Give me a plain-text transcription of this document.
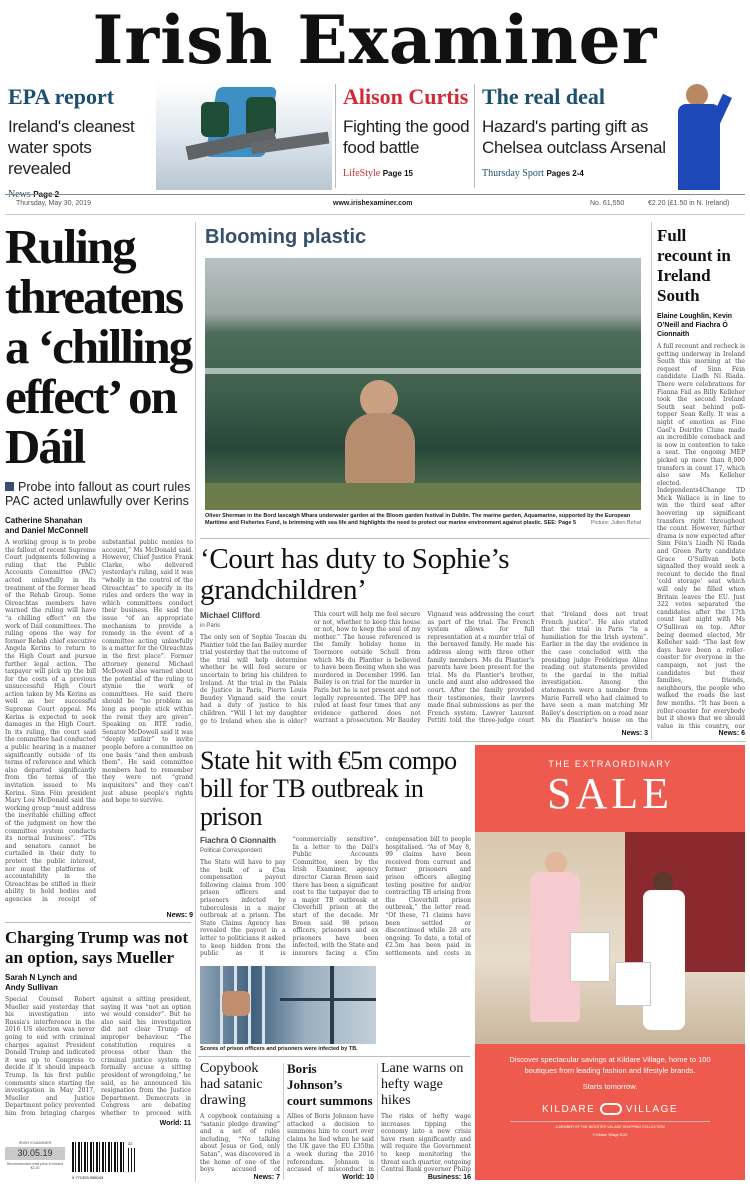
Irish Examiner
EPA report
Ireland's cleanest water spots revealed
Alison Curtis
Fighting the good food battle
LifeStyle Page 15
The real deal
Hazard's parting gift as Chelsea outclass Arsenal
Thursday Sport Pages 2-4
Thursday, May 30, 2019	www.irishexaminer.com	No. 61,550	€2.20 (£1.50 in N. Ireland)
Ruling threatens a ‘chilling effect’ on Dáil
Probe into fallout as court rules PAC acted unlawfully over Kerins
Catherine Shanahan and Daniel McConnell
A working group is to probe the fallout of recent Supreme Court judgments following a ruling that the Public Accounts Committee (PAC) acted unlawfully in its treatment of the former head of the Rehab Group. Some Oireachtas members have warned the ruling will have “a chilling effect” on the work of Dáil committees. The ruling opens the way for former Rehab chief executive Angela Kerins to return to the High Court and pursue further legal action. The taxpayer will pick up the bill for the costs of a previous unsuccessful High Court action taken by Ms Kerins as well as her successful Supreme Court appeal. Ms Kerins is expected to seek damages in the High Court. In its ruling, the court said the committee had conducted a public hearing in a manner significantly outside of its terms of reference and which also departed significantly from the terms of the invitation issued to Ms Kerins. Sinn Féin president Mary Lou McDonald said the working group “must address the inevitable chilling effect of the judgment on how the committee system conducts its normal business”. “TDs and senators cannot be curtailed in their duty to protect the public interest, nor must the platforms of accountability in the Oireachtas be stifled in their ability to hold bodies and agencies in receipt of substantial public monies to account,” Ms McDonald said. However, Chief Justice Frank Clarke, who delivered yesterday's ruling, said it was “wholly in the control of the Oireachtas” to specify in its rules and orders the way in which committees conduct their business. He said the issue “of an appropriate mechanism to provide a remedy in the event of a committee acting unlawfully is a matter for the Oireachtas in the first place”. Former attorney general Michael McDowell also warned about the potential of the ruling to stymie the work of committees. He said there should be “no problem as long as people stick within the remit they are given”. Speaking on RTÉ radio, Senator McDowell said it was “deeply unfair” to invite people before a committee on one basis “and then ambush them”. He said committee members had to remember they were not “grand inquisitors” and they can't just abuse people's rights and hope to survive.
News: 9
Blooming plastic
Oliver Sherman in the Bord Iascaigh Mhara underwater garden at the Bloom garden festival in Dublin. The marine garden, Aquamarine, supported by the European Maritime and Fisheries Fund, is brimming with sea life and highlights the need to protect our marine environment against plastic. SEE: Page 5	Picture: Julien Behal
‘Court has duty to Sophie’s grandchildren’
Michael Clifford
in Paris
The only son of Sophie Toscan du Plantier told the Ian Bailey murder trial yesterday that the outcome of the trial will help determine whether he will feel secure or uncertain to bring his children to Ireland. At the trial in the Palais de Justice in Paris, Pierre Louis Baudey Vignaud said the court had a duty of justice to his children. “Will I let my daughter go to Ireland when she is older? This court will help me feel secure or not, whether to keep this house or not, how to keep the soul of my mother.” The house referenced is the family holiday home in Toormore outside Schull from which Ms du Plantier is believed to have been fleeing when she was murdered in December 1996. Ian Bailey is on trial for the murder in Paris but he is not present and not legally represented. The DPP has ruled at least four times that any evidence gathered does not warrant a prosecution. Mr Baudey Vignaud was addressing the court as part of the trial. The French system allows for full representation at a murder trial of the bereaved family. He made his address along with three other family members. Ms du Plantier's parents have been present for the trial. Ms du Plantier's brother, uncle and aunt also addressed the court. After the family provided their testimonies, their lawyers made final submissions as per the French system. Lawyer Laurent Pettiti told the three-judge court that “Ireland does not treat French justice”. He also stated that the trial in Paris “is a humiliation for the Irish system”. Earlier in the day the evidence in the case concluded with the presiding judge Frédérique Aline reading out statements provided to the gardaí in the initial investigation. Among the statements were a number from Marie Farrell who had claimed to have seen a man matching Mr Bailey's description on a road near Ms du Plantier's house on the
News: 3
Full recount in Ireland South
Elaine Loughlin, Kevin O’Neill and Fiachra Ó Cionnaith
A full recount and recheck is getting underway in Ireland South this morning at the request of Sinn Féin candidate Liadh Ní Riada. There were celebrations for Fianna Fáil as Billy Kelleher took the second Ireland South seat behind poll-topper Sean Kelly. It was a night of emotion as Fine Gael's Deirdre Clune made an incredible comeback and is now in contention to take a seat. The ongoing MEP picked up more than 8,000 transfers in count 17, which also saw Ms Kelleher elected. Independents4Change TD Mick Wallace is in line to win the third seat after hoovering up significant transfers right throughout the count. However, further drama is now expected after Sinn Féin's Liadh Ní Riada and Green Party candidate Grace O'Sullivan both signalled they would seek a recount to decide the final 'cold storage' seat which will only be filled when Britain leaves the EU. Just 322 votes separated the candidates after the 17th count last night with Ms O'Sullivan on top. After being deemed elected, Mr Kelleher said: “The last few days have been a roller-coaster for everyone in the campaign, not just the candidates but their families, friends, neighbours, the people who walked the roads the last few months. “It has been a roller-coaster for everybody but it shows that we should value in this country, our
News: 6
State hit with €5m compo bill for TB outbreak in prison
Fiachra Ó Cionnaith
Political Correspondent
The State will have to pay the bulk of a €5m compensation payout following claims from 100 prison officers and prisoners infected by tuberculosis in a major outbreak at a prison. The State Claims Agency has revealed the payout in a letter to politicians it asked to keep hidden from the public as it is “commercially sensitive”. In a letter to the Dáil's Public Accounts Committee, seen by the Irish Examiner, agency director Ciaran Breen said there has been a significant cost to the taxpayer due to a major TB outbreak at Cloverhill prison at the start of the decade. Mr Breen said 98 prison officers, prisoners and ex prisoners have been infected, with the State and insurers facing a €5m compensation bill to people hospitalised. “As of May 8, 99 claims have been received from current and former prisoners and prison officers alleging testing positive for and/or contracting TB arising from the Cloverhill prison outbreak,” the letter read. “Of these, 71 claims have been settled or discontinued while 28 are ongoing. To date, a total of €2.5m has been paid in settlements and costs in
Scores of prison officers and prisoners were infected by TB.
Charging Trump was not an option, says Mueller
Sarah N Lynch and Andy Sullivan
Special Counsel Robert Mueller said yesterday that his investigation into Russia's interference in the 2016 US election was never going to end with criminal charges against President Donald Trump and indicated it was up to Congress to decide if it should impeach Trump. In his first public comments since starting the investigation in May 2017, Mueller and Justice Department policy prevented him from bringing charges against a sitting president, saying it was “not an option we would consider”. But he also said his investigation did not clear Trump of improper behaviour. “The constitution requires a process other than the criminal justice system to formally accuse a sitting president of wrongdoing,” he said, as he announced his resignation from the Justice Department. Democrats in Congress are debating whether to proceed with
World: 11
IRISH EXAMINER
30.05.19
Recommended retail price in Ireland €2.20
9 771393 958043
22
Copybook had satanic drawing
A copybook containing a “satanic pledge drawing” and a set of rules including, “No talking about Jesus or God, only Satan”, was discovered in the home of one of the boys accused of
News: 7
Boris Johnson’s court summons
Allies of Boris Johnson have attacked a decision to summons him to court over claims he lied when he said the UK gave the EU £350m a week during the 2016 referendum. Johnson is accused of misconduct in
World: 10
Lane warns on hefty wage hikes
The risks of hefty wage increases tipping the economy into a new crisis have risen significantly and will require the Government to keep monitoring the threat each quarter, outgoing Central Bank governor Philip
Business: 16
THE EXTRAORDINARY
SALE
Discover spectacular savings at Kildare Village, home to 100 boutiques from leading fashion and lifestyle brands.
Starts tomorrow.
KILDARE	VILLAGE
A MEMBER OF THE BICESTER VILLAGE SHOPPING COLLECTION
© Kildare Village 2019
